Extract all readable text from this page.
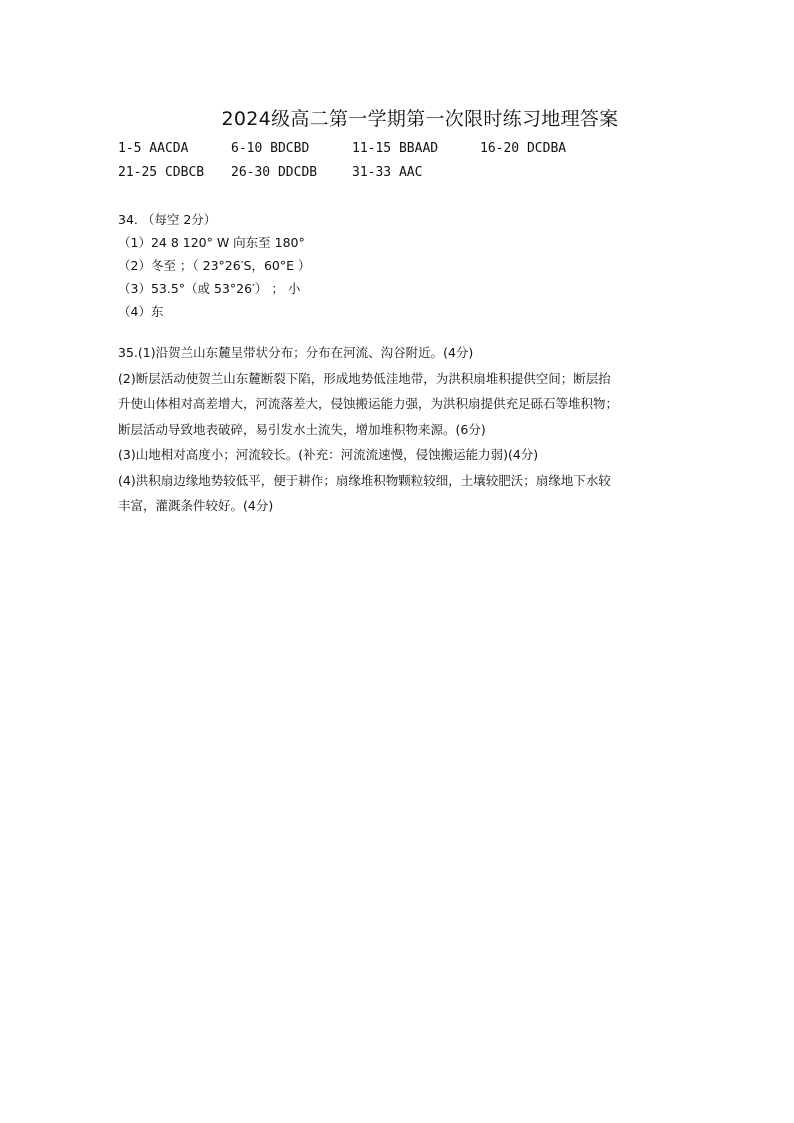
2024级高二第一学期第一次限时练习地理答案
1-5 AACDA	6-10 BDCBD	11-15 BBAAD	16-20 DCDBA
21-25 CDBCB 26-30 DDCDB	31-33 AAC
34. （每空 2分）
（1）24 8 120° W 向东至 180°
（2）冬至 ；（ 23°26′S，60°E ）
（3）53.5°（或 53°26′） ； 小
（4）东
35.(1)沿贺兰山东麓呈带状分布；分布在河流、沟谷附近。(4分)
(2)断层活动使贺兰山东麓断裂下陷，形成地势低洼地带，为洪积扇堆积提供空间；断层抬
升使山体相对高差增大，河流落差大，侵蚀搬运能力强，为洪积扇提供充足砾石等堆积物；
断层活动导致地表破碎，易引发水土流失，增加堆积物来源。(6分)
(3)山地相对高度小；河流较长。(补充：河流流速慢，侵蚀搬运能力弱)(4分)
(4)洪积扇边缘地势较低平，便于耕作；扇缘堆积物颗粒较细，土壤较肥沃；扇缘地下水较
丰富，灌溉条件较好。(4分)
